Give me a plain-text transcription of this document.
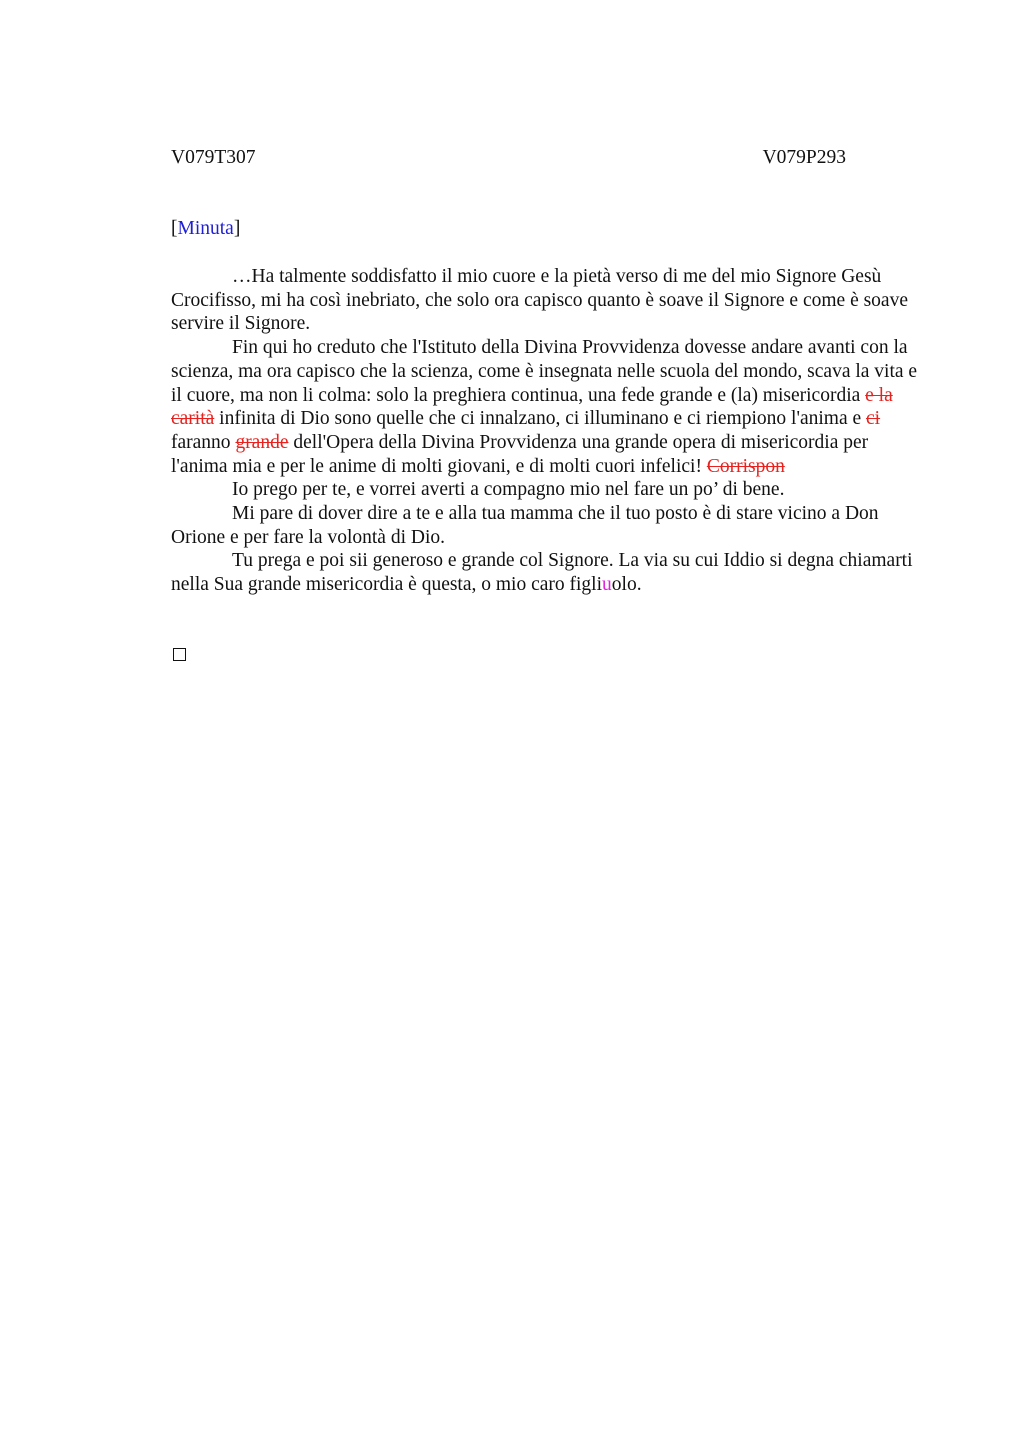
V079T307	V079P293
[Minuta]

…Ha talmente soddisfatto il mio cuore e la pietà verso di me del mio Signore Gesù Crocifisso, mi ha così inebriato, che solo ora capisco quanto è soave il Signore e come è soave servire il Signore.

Fin qui ho creduto che l'Istituto della Divina Provvidenza dovesse andare avanti con la scienza, ma ora capisco che la scienza, come è insegnata nelle scuola del mondo, scava la vita e il cuore, ma non li colma: solo la preghiera continua, una fede grande e (la) misericordia e la carità infinita di Dio sono quelle che ci innalzano, ci illuminano e ci riempiono l'anima e ci faranno grande dell'Opera della Divina Provvidenza una grande opera di misericordia per l'anima mia e per le anime di molti giovani, e di molti cuori infelici! Corrispon

Io prego per te, e vorrei averti a compagno mio nel fare un po’ di bene.

Mi pare di dover dire a te e alla tua mamma che il tuo posto è di stare vicino a Don Orione e per fare la volontà di Dio.

Tu prega e poi sii generoso e grande col Signore. La via su cui Iddio si degna chiamarti nella Sua grande misericordia è questa, o mio caro figliuolo.
